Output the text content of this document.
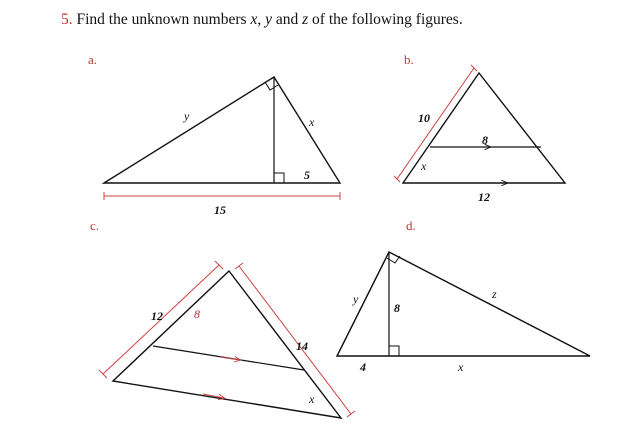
5. Find the unknown numbers x, y and z of the following figures.
a.	b.
c.	d.
y	x
5
15
10
8
12
x
12	8
14
x
y
8
z
4	x
